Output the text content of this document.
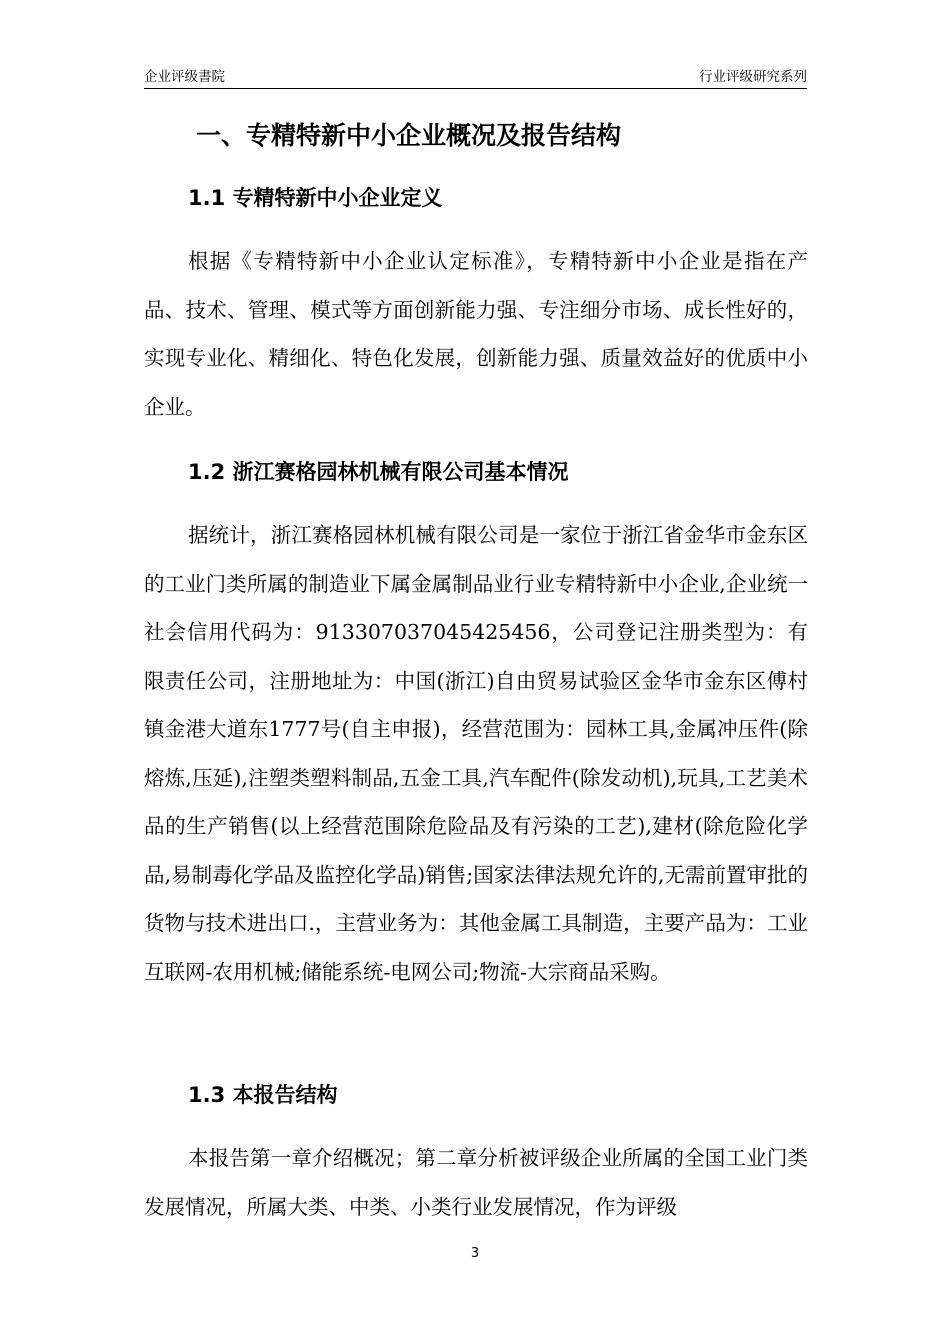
企业评级書院	行业评级研究系列
一、专精特新中小企业概况及报告结构
1.1 专精特新中小企业定义
根据《专精特新中小企业认定标准》，专精特新中小企业是指在产品、技术、管理、模式等方面创新能力强、专注细分市场、成长性好的，实现专业化、精细化、特色化发展，创新能力强、质量效益好的优质中小企业。
1.2 浙江赛格园林机械有限公司基本情况
据统计，浙江赛格园林机械有限公司是一家位于浙江省金华市金东区的工业门类所属的制造业下属金属制品业行业专精特新中小企业,企业统一社会信用代码为：913307037045425456，公司登记注册类型为：有限责任公司，注册地址为：中国(浙江)自由贸易试验区金华市金东区傅村镇金港大道东1777号(自主申报)，经营范围为：园林工具,金属冲压件(除熔炼,压延),注塑类塑料制品,五金工具,汽车配件(除发动机),玩具,工艺美术品的生产销售(以上经营范围除危险品及有污染的工艺),建材(除危险化学品,易制毒化学品及监控化学品)销售;国家法律法规允许的,无需前置审批的货物与技术进出口.，主营业务为：其他金属工具制造，主要产品为：工业互联网-农用机械;储能系统-电网公司;物流-大宗商品采购。
1.3 本报告结构
本报告第一章介绍概况；第二章分析被评级企业所属的全国工业门类发展情况，所属大类、中类、小类行业发展情况，作为评级
3
